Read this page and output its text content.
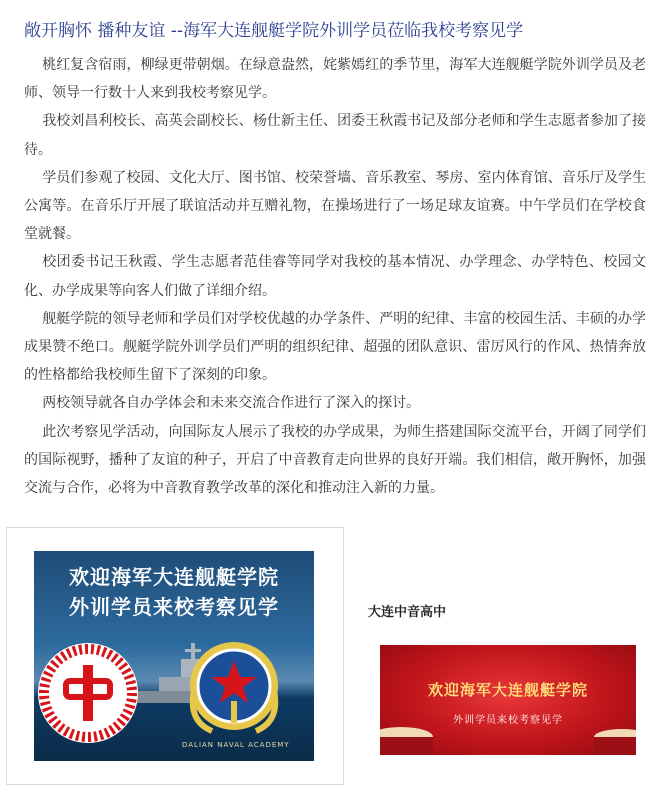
敞开胸怀 播种友谊 --海军大连舰艇学院外训学员莅临我校考察见学

桃红复含宿雨，柳绿更带朝烟。在绿意盎然，姹紫嫣红的季节里，海军大连舰艇学院外训学员及老师、领导一行数十人来到我校考察见学。

我校刘昌利校长、高英会副校长、杨仕新主任、团委王秋霞书记及部分老师和学生志愿者参加了接待。

学员们参观了校园、文化大厅、图书馆、校荣誉墙、音乐教室、琴房、室内体育馆、音乐厅及学生公寓等。在音乐厅开展了联谊活动并互赠礼物，在操场进行了一场足球友谊赛。中午学员们在学校食堂就餐。

校团委书记王秋霞、学生志愿者范佳睿等同学对我校的基本情况、办学理念、办学特色、校园文化、办学成果等向客人们做了详细介绍。

舰艇学院的领导老师和学员们对学校优越的办学条件、严明的纪律、丰富的校园生活、丰硕的办学成果赞不绝口。舰艇学院外训学员们严明的组织纪律、超强的团队意识、雷厉风行的作风、热情奔放的性格都给我校师生留下了深刻的印象。

两校领导就各自办学体会和未来交流合作进行了深入的探讨。

此次考察见学活动，向国际友人展示了我校的办学成果，为师生搭建国际交流平台，开阔了同学们的国际视野，播种了友谊的种子，开启了中音教育走向世界的良好开端。我们相信，敞开胸怀，加强交流与合作，必将为中音教育教学改革的深化和推动注入新的力量。

欢迎海军大连舰艇学院
外训学员来校考察见学
DALIAN NAVAL ACADEMY
大连中音高中
欢迎海军大连舰艇学院
外训学员来校考察见学
